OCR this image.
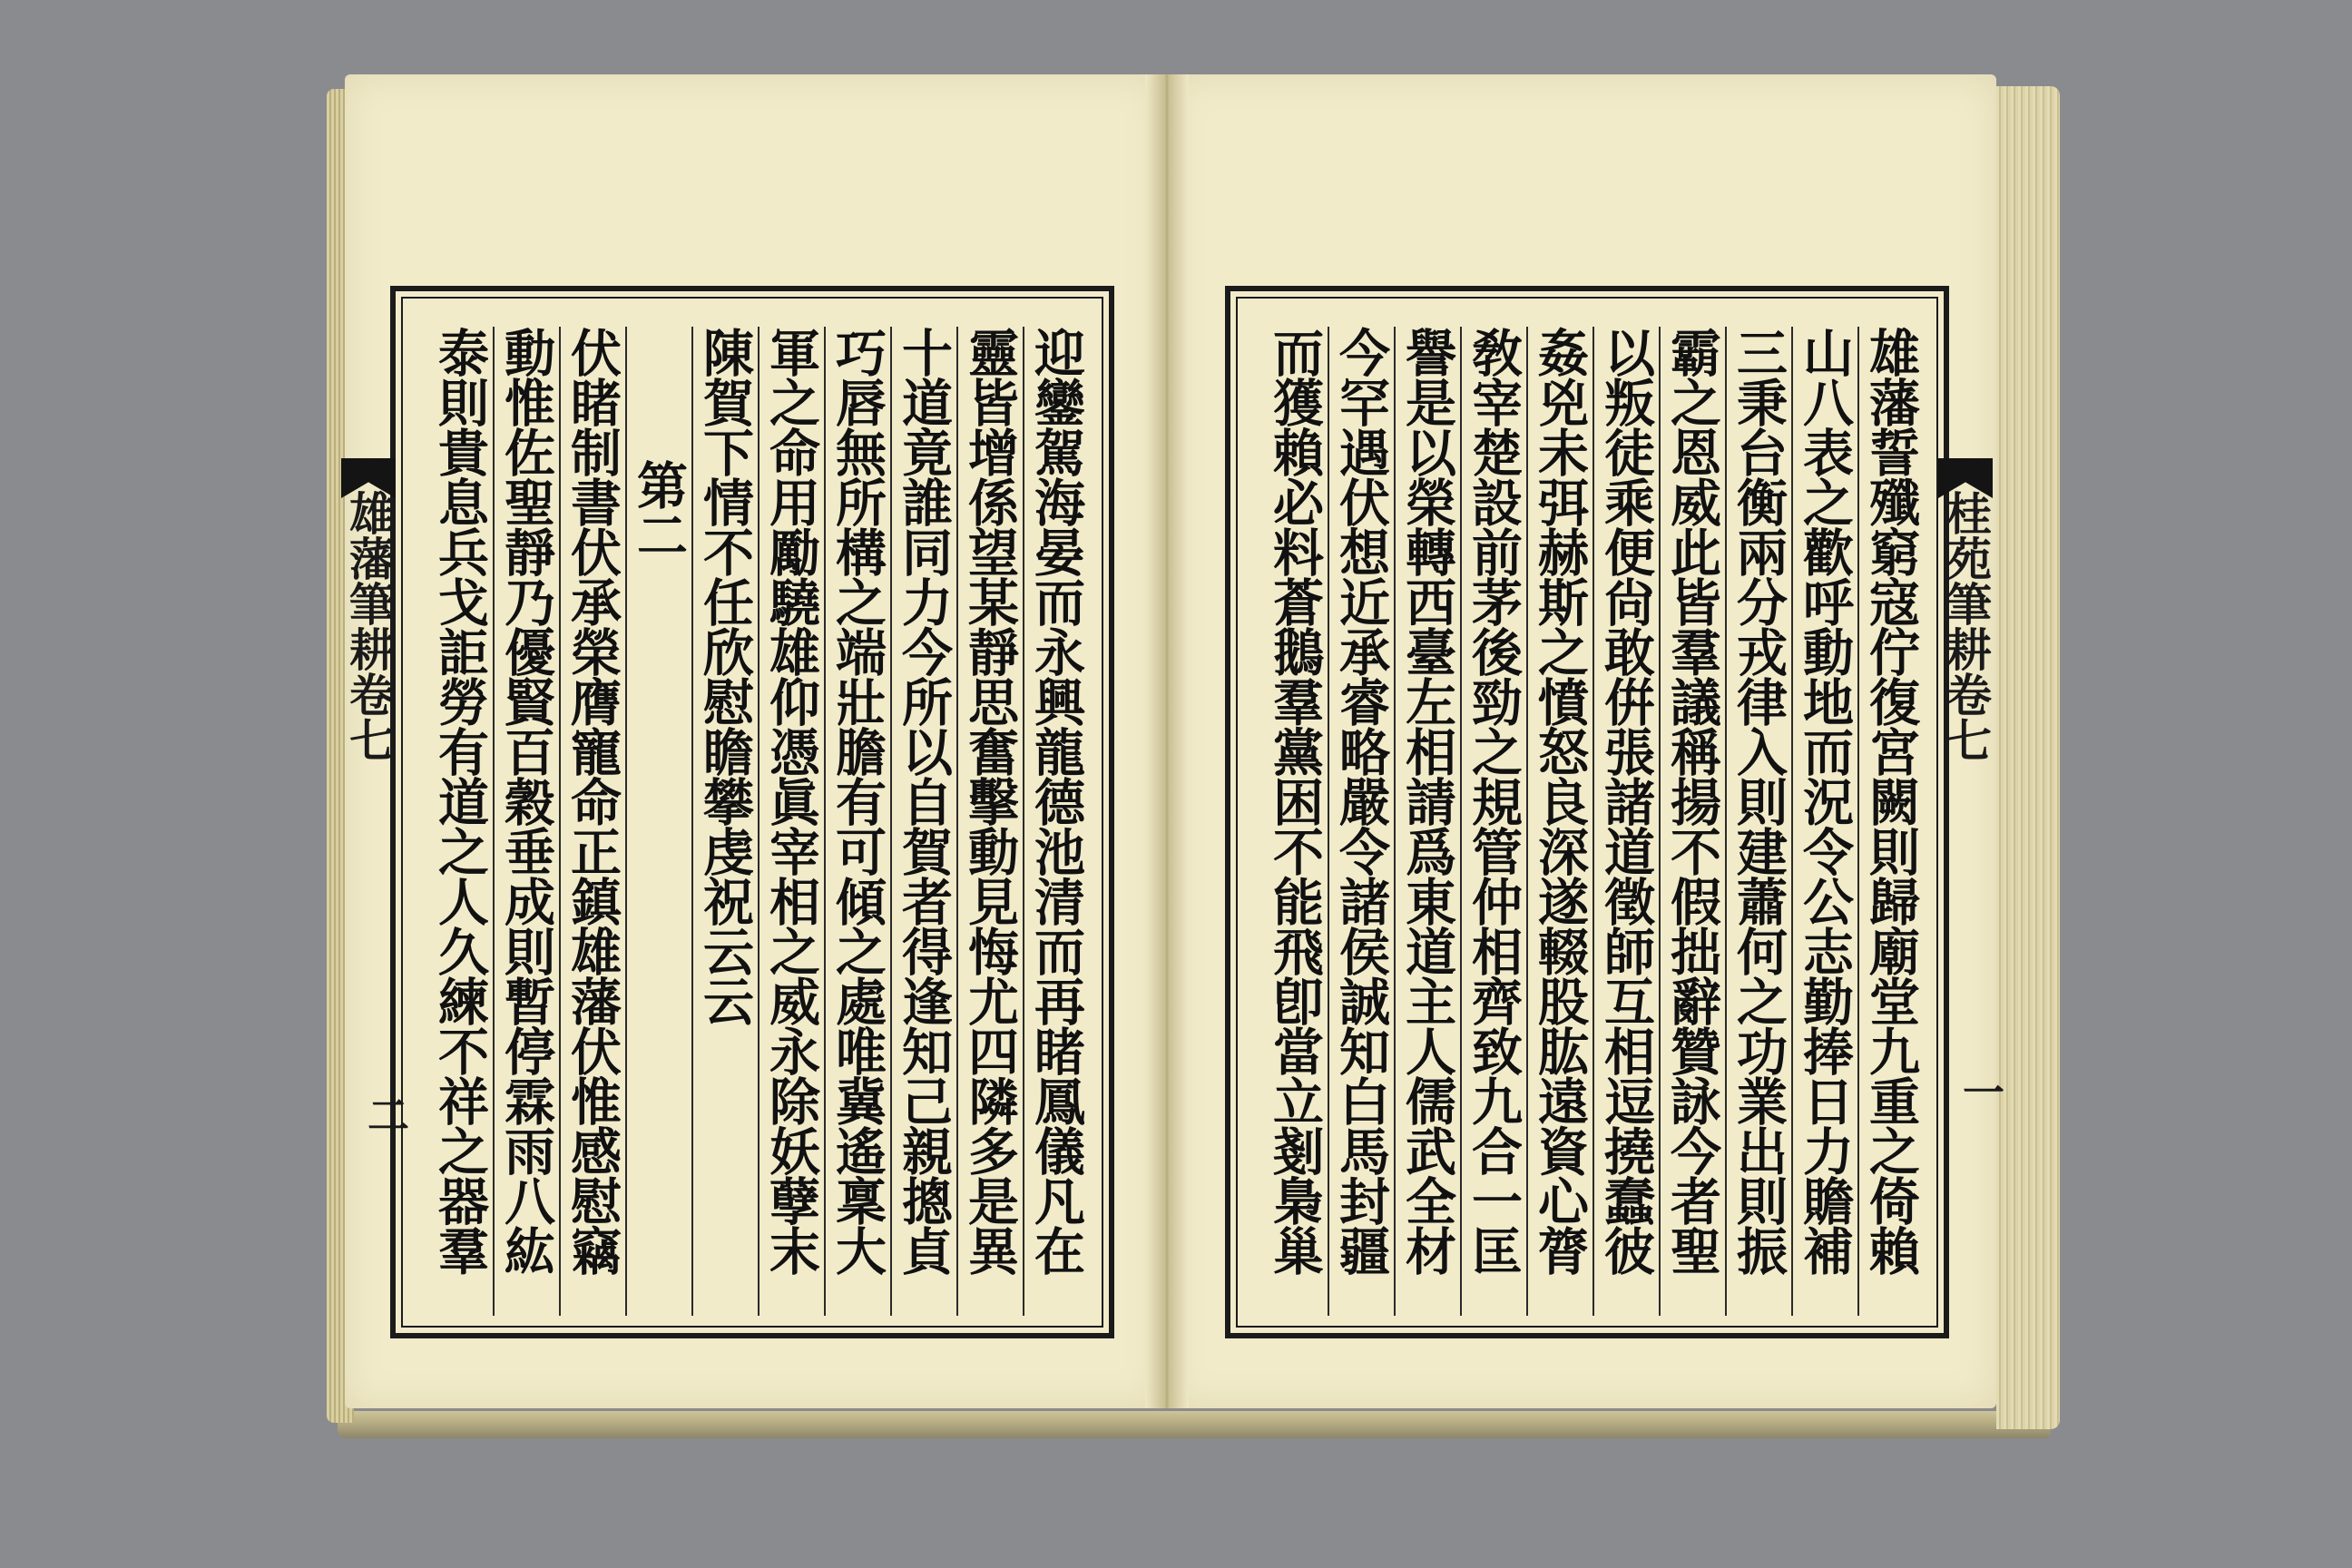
雄藩筆耕卷七	桂苑筆耕卷七
二
一
迎鑾駕海晏而永興龍德池清而再睹鳳儀凡在
靈皆增係望某靜思奮擊動見悔尤四隣多是異
十道竟誰同力今所以自賀者得逢知己親摠貞
巧唇無所構之端壯膽有可傾之處唯冀遙稟大
軍之命用勵驍雄仰憑眞宰相之威永除妖孽末
陳賀下情不任欣慰瞻攀虔祝云云
第二
伏睹制書伏承榮膺寵命正鎮雄藩伏惟感慰竊
動惟佐聖靜乃優賢百穀垂成則暫停霖雨八紘
泰則貴息兵戈詎勞有道之人久練不祥之器羣
雄藩誓殲窮寇佇復宮闕則歸廟堂九重之倚賴
山八表之歡呼動地而況令公志勤捧日力贍補
三秉台衡兩分戎律入則建蕭何之功業出則振
霸之恩威此皆羣議稱揚不假拙辭贊詠今者聖
以叛徒乘便尙敢倂張諸道徵師互相逗撓蠢彼
姦兇未弭赫斯之憤怒良深遂輟股肱遠資心膂
敎宰楚設前茅後勁之規管仲相齊致九合一匡
譽是以榮轉西臺左相請爲東道主人儒武全材
今罕遇伏想近承睿略嚴令諸侯誠知白馬封疆
而獲賴必料蒼鵝羣黨困不能飛卽當立剗梟巢
